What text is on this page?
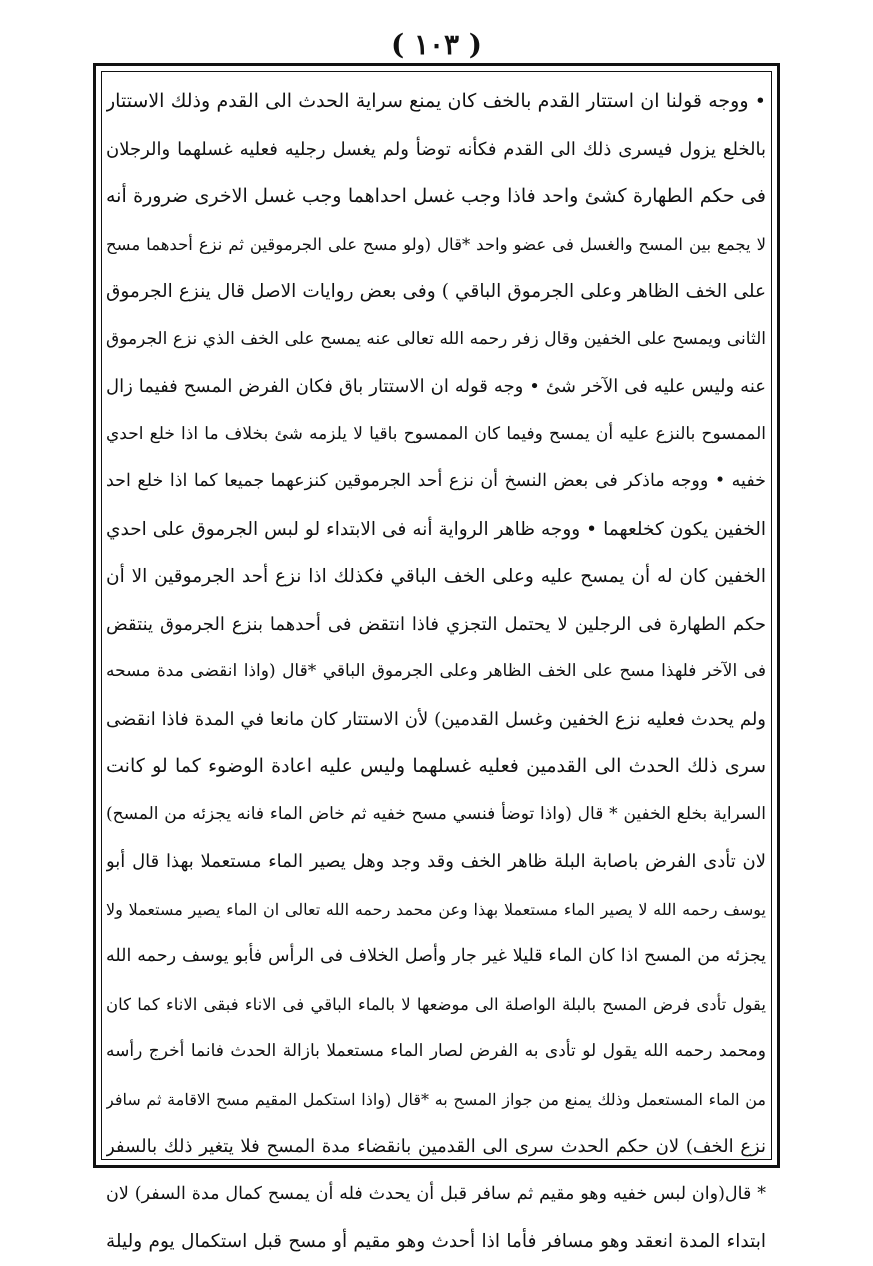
( ١٠٣ )
• ووجه قولنا ان استتار القدم بالخف كان يمنع سراية الحدث الى القدم وذلك الاستتار
بالخلع يزول فيسرى ذلك الى القدم فكأنه توضأ ولم يغسل رجليه فعليه غسلهما والرجلان
فى حكم الطهارة كشئ واحد فاذا وجب غسل احداهما وجب غسل الاخرى ضرورة أنه
لا يجمع بين المسح والغسل فى عضو واحد *قال (ولو مسح على الجرموقين ثم نزع أحدهما مسح
على الخف الظاهر وعلى الجرموق الباقي ) وفى بعض روايات الاصل قال ينزع الجرموق
الثانى ويمسح على الخفين وقال زفر رحمه الله تعالى عنه يمسح على الخف الذي نزع الجرموق
عنه وليس عليه فى الآخر شئ • وجه قوله ان الاستتار باق فكان الفرض المسح ففيما زال
الممسوح بالنزع عليه أن يمسح وفيما كان الممسوح باقيا لا يلزمه شئ بخلاف ما اذا خلع احدي
خفيه • ووجه ماذكر فى بعض النسخ أن نزع أحد الجرموقين كنزعهما جميعا كما اذا خلع احد
الخفين يكون كخلعهما • ووجه ظاهر الرواية أنه فى الابتداء لو لبس الجرموق على احدي
الخفين كان له أن يمسح عليه وعلى الخف الباقي فكذلك اذا نزع أحد الجرموقين الا أن
حكم الطهارة فى الرجلين لا يحتمل التجزي فاذا انتقض فى أحدهما بنزع الجرموق ينتقض
فى الآخر فلهذا مسح على الخف الظاهر وعلى الجرموق الباقي *قال (واذا انقضى مدة مسحه
ولم يحدث فعليه نزع الخفين وغسل القدمين) لأن الاستتار كان مانعا في المدة فاذا انقضى
سرى ذلك الحدث الى القدمين فعليه غسلهما وليس عليه اعادة الوضوء كما لو كانت
السراية بخلع الخفين * قال (واذا توضأ فنسي مسح خفيه ثم خاض الماء فانه يجزئه من المسح)
لان تأدى الفرض باصابة البلة ظاهر الخف وقد وجد وهل يصير الماء مستعملا بهذا قال أبو
يوسف رحمه الله لا يصير الماء مستعملا بهذا وعن محمد رحمه الله تعالى ان الماء يصير مستعملا ولا
يجزئه من المسح اذا كان الماء قليلا غير جار وأصل الخلاف فى الرأس فأبو يوسف رحمه الله
يقول تأدى فرض المسح بالبلة الواصلة الى موضعها لا بالماء الباقي فى الاناء فبقى الاناء كما كان
ومحمد رحمه الله يقول لو تأدى به الفرض لصار الماء مستعملا بازالة الحدث فانما أخرج رأسه
من الماء المستعمل وذلك يمنع من جواز المسح به *قال (واذا استكمل المقيم مسح الاقامة ثم سافر
نزع الخف) لان حكم الحدث سرى الى القدمين بانقضاء مدة المسح فلا يتغير ذلك بالسفر
* قال(وان لبس خفيه وهو مقيم ثم سافر قبل أن يحدث فله أن يمسح كمال مدة السفر) لان
ابتداء المدة انعقد وهو مسافر فأما اذا أحدث وهو مقيم أو مسح قبل استكمال يوم وليلة
